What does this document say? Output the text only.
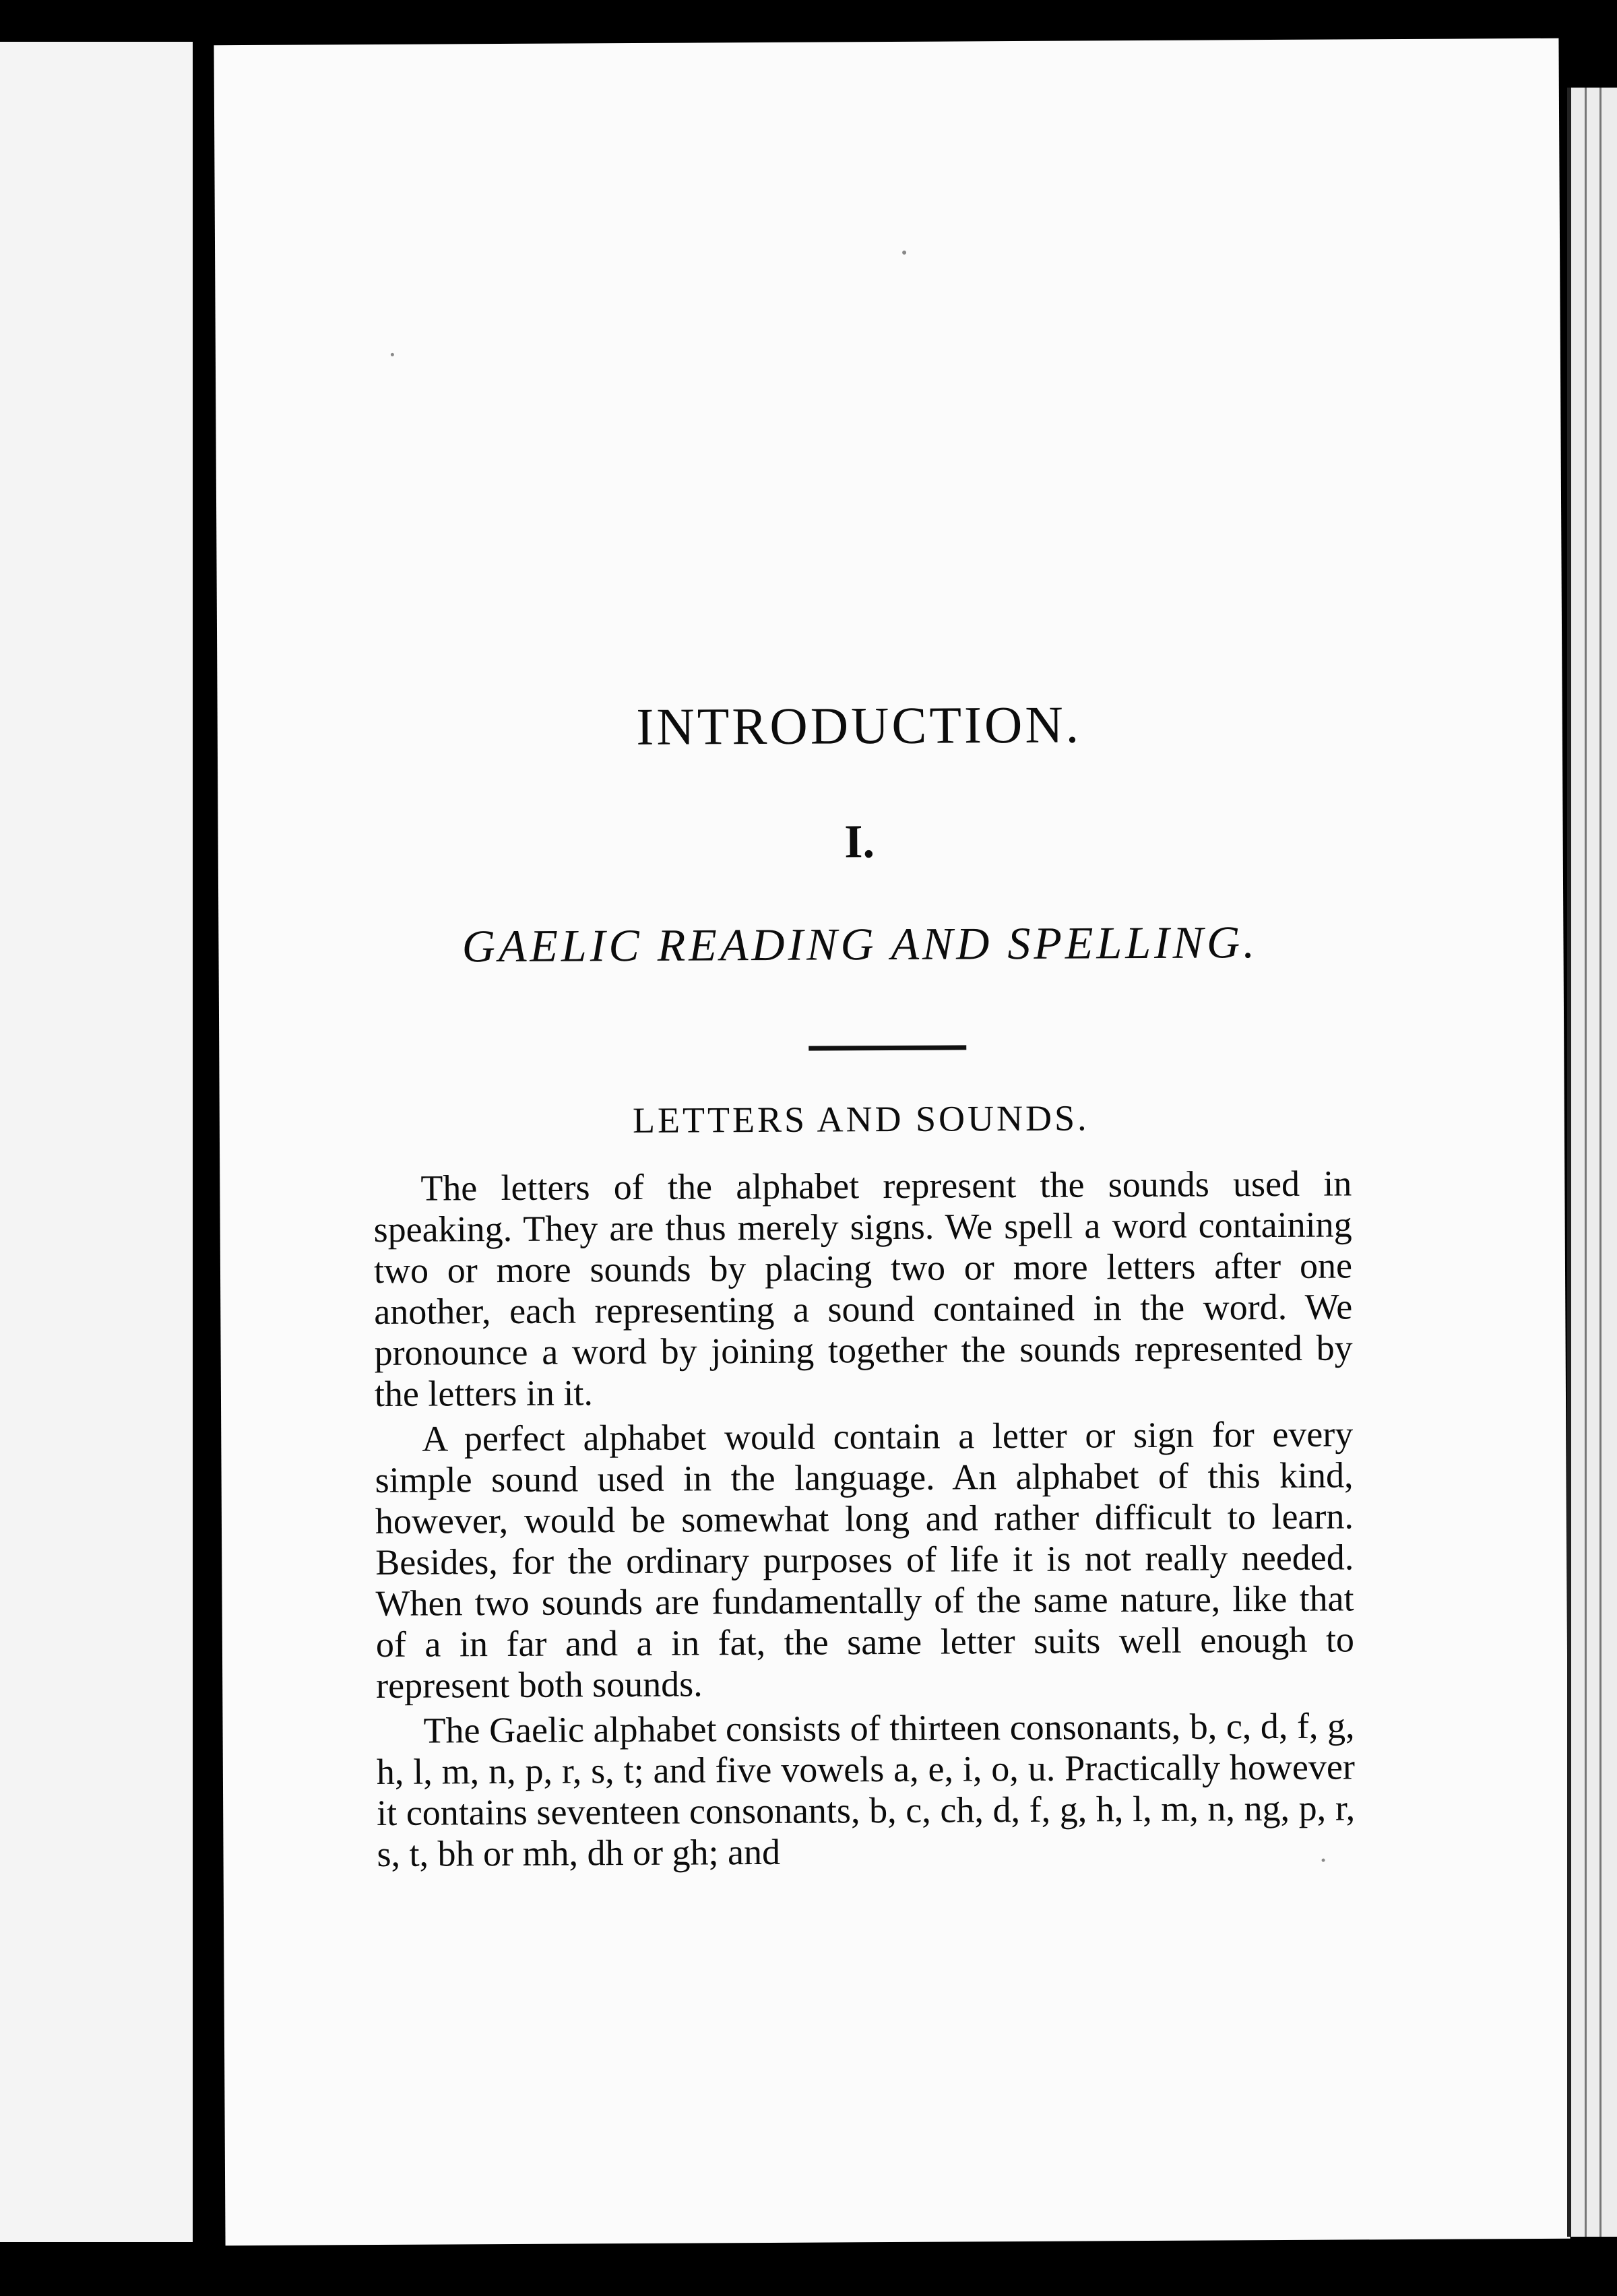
INTRODUCTION.
I.
GAELIC READING AND SPELLING.
LETTERS AND SOUNDS.

The letters of the alphabet represent the sounds used in speaking. They are thus merely signs. We spell a word containing two or more sounds by placing two or more letters after one another, each representing a sound contained in the word. We pronounce a word by joining together the sounds represented by the letters in it.

A perfect alphabet would contain a letter or sign for every simple sound used in the language. An alphabet of this kind, however, would be somewhat long and rather difficult to learn. Besides, for the ordinary purposes of life it is not really needed. When two sounds are fundamentally of the same nature, like that of a in far and a in fat, the same letter suits well enough to represent both sounds.

The Gaelic alphabet consists of thirteen consonants, b, c, d, f, g, h, l, m, n, p, r, s, t; and five vowels a, e, i, o, u. Practically however it contains seventeen consonants, b, c, ch, d, f, g, h, l, m, n, ng, p, r, s, t, bh or mh, dh or gh; and
